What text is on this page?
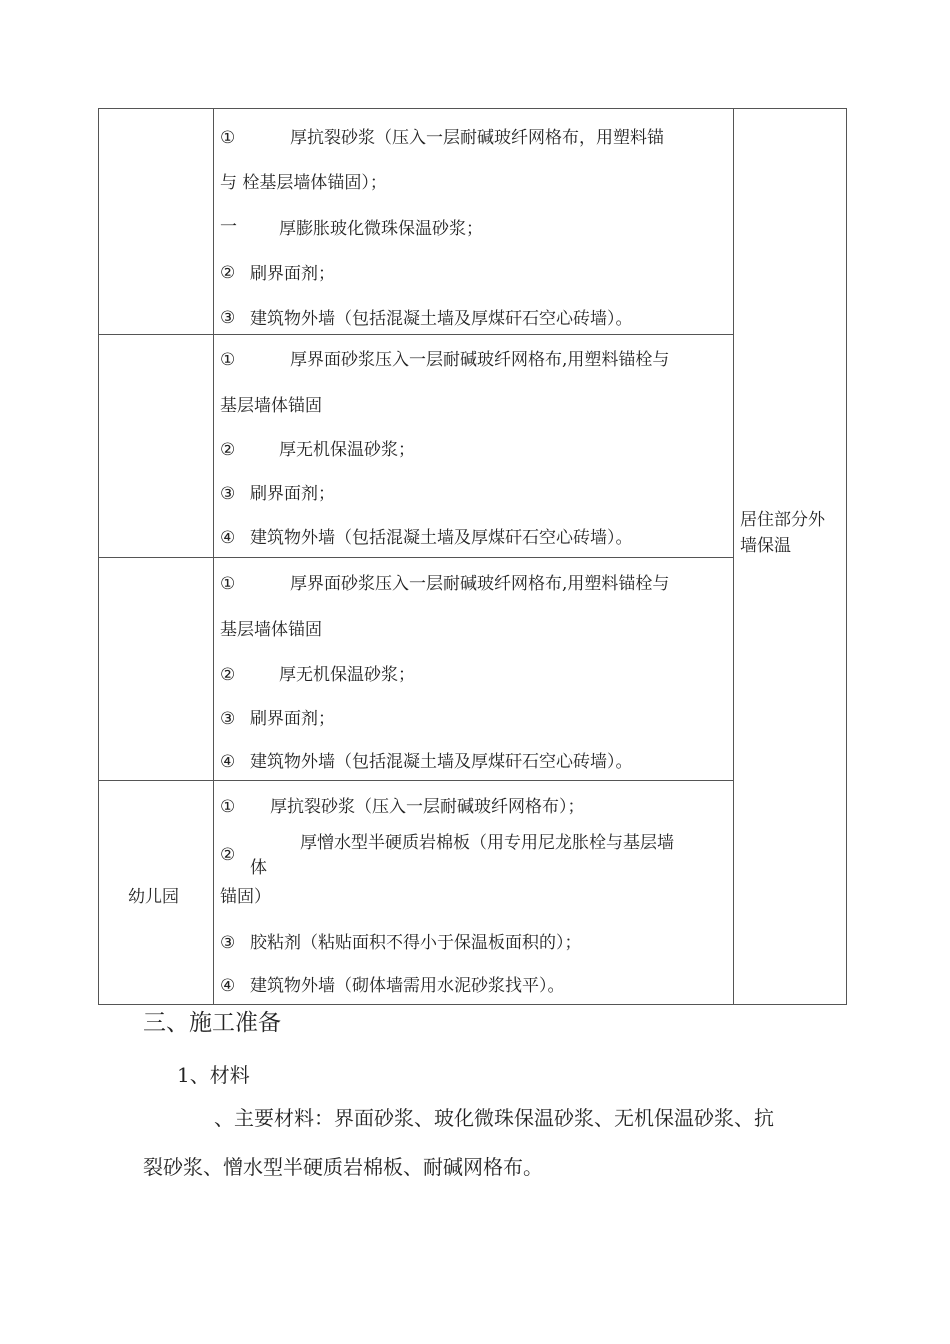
居住部分外
墙保温
①	厚抗裂砂浆（压入一层耐碱玻纤网格布，用塑料锚
与 栓基层墙体锚固）；
一 厚膨胀玻化微珠保温砂浆；
② 刷界面剂；
③ 建筑物外墙（包括混凝土墙及厚煤矸石空心砖墙）。
①	厚界面砂浆压入一层耐碱玻纤网格布,用塑料锚栓与
基层墙体锚固
②	厚无机保温砂浆；
③ 刷界面剂；
④ 建筑物外墙（包括混凝土墙及厚煤矸石空心砖墙）。
①	厚界面砂浆压入一层耐碱玻纤网格布,用塑料锚栓与
基层墙体锚固
②	厚无机保温砂浆；
③ 刷界面剂；
④ 建筑物外墙（包括混凝土墙及厚煤矸石空心砖墙）。
幼儿园
① 厚抗裂砂浆（压入一层耐碱玻纤网格布）；
②
厚憎水型半硬质岩棉板（用专用尼龙胀栓与基层墙
体
锚固）
③ 胶粘剂（粘贴面积不得小于保温板面积的）；
④ 建筑物外墙（砌体墙需用水泥砂浆找平）。
三、施工准备
1、材料
、主要材料：界面砂浆、玻化微珠保温砂浆、无机保温砂浆、抗
裂砂浆、憎水型半硬质岩棉板、耐碱网格布。
